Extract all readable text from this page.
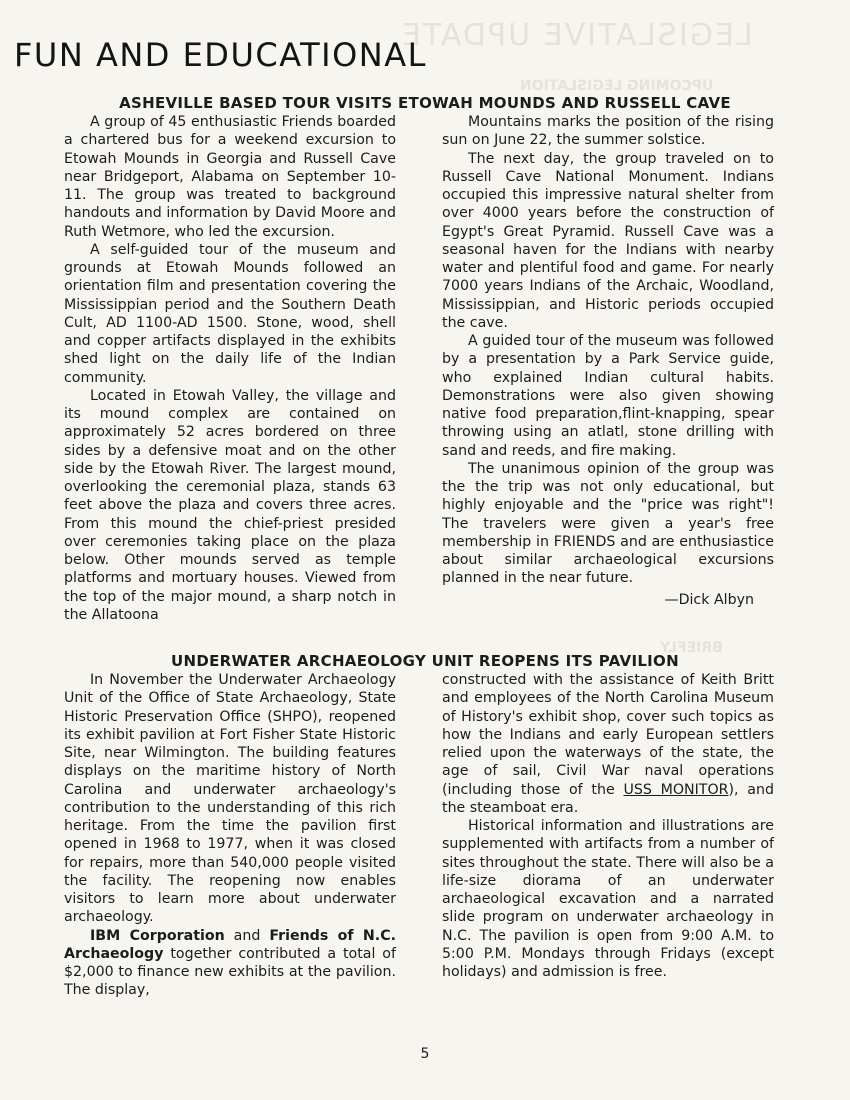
LEGISLATIVE UPDATE
UPCOMING LEGISLATION
BRIEFLY
FUN AND EDUCATIONAL
ASHEVILLE BASED TOUR VISITS ETOWAH MOUNDS AND RUSSELL CAVE

A group of 45 enthusiastic Friends boarded a chartered bus for a weekend excursion to Etowah Mounds in Georgia and Russell Cave near Bridgeport, Alabama on September 10-11. The group was treated to background handouts and information by David Moore and Ruth Wetmore, who led the excursion.

A self-guided tour of the museum and grounds at Etowah Mounds followed an orientation film and presentation covering the Mississippian period and the Southern Death Cult, AD 1100-AD 1500. Stone, wood, shell and copper artifacts displayed in the exhibits shed light on the daily life of the Indian community.

Located in Etowah Valley, the village and its mound complex are contained on approximately 52 acres bordered on three sides by a defensive moat and on the other side by the Etowah River. The largest mound, overlooking the ceremonial plaza, stands 63 feet above the plaza and covers three acres. From this mound the chief-priest presided over ceremonies taking place on the plaza below. Other mounds served as temple platforms and mortuary houses. Viewed from the top of the major mound, a sharp notch in the Allatoona

Mountains marks the position of the rising sun on June 22, the summer solstice.

The next day, the group traveled on to Russell Cave National Monument. Indians occupied this impressive natural shelter from over 4000 years before the construction of Egypt's Great Pyramid. Russell Cave was a seasonal haven for the Indians with nearby water and plentiful food and game. For nearly 7000 years Indians of the Archaic, Woodland, Mississippian, and Historic periods occupied the cave.

A guided tour of the museum was followed by a presentation by a Park Service guide, who explained Indian cultural habits. Demonstrations were also given showing native food preparation,flint-knapping, spear throwing using an atlatl, stone drilling with sand and reeds, and fire making.

The unanimous opinion of the group was the the trip was not only educational, but highly enjoyable and the "price was right"! The travelers were given a year's free membership in FRIENDS and are enthusiastice about similar archaeological excursions planned in the near future.

—Dick Albyn
UNDERWATER ARCHAEOLOGY UNIT REOPENS ITS PAVILION

In November the Underwater Archaeology Unit of the Office of State Archaeology, State Historic Preservation Office (SHPO), reopened its exhibit pavilion at Fort Fisher State Historic Site, near Wilmington. The building features displays on the maritime history of North Carolina and underwater archaeology's contribution to the understanding of this rich heritage. From the time the pavilion first opened in 1968 to 1977, when it was closed for repairs, more than 540,000 people visited the facility. The reopening now enables visitors to learn more about underwater archaeology.

IBM Corporation and Friends of N.C. Archaeology together contributed a total of $2,000 to finance new exhibits at the pavilion. The display,

constructed with the assistance of Keith Britt and employees of the North Carolina Museum of History's exhibit shop, cover such topics as how the Indians and early European settlers relied upon the waterways of the state, the age of sail, Civil War naval operations (including those of the USS MONITOR), and the steamboat era.

Historical information and illustrations are supplemented with artifacts from a number of sites throughout the state. There will also be a life-size diorama of an underwater archaeological excavation and a narrated slide program on underwater archaeology in N.C. The pavilion is open from 9:00 A.M. to 5:00 P.M. Mondays through Fridays (except holidays) and admission is free.

5
